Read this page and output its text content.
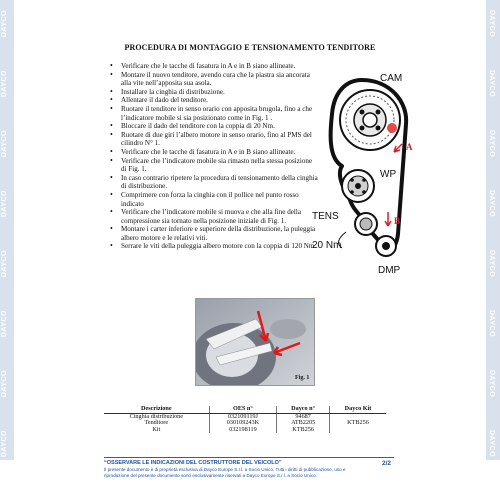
DAYCO
DAYCO
DAYCO
DAYCO
DAYCO
DAYCO
DAYCO
DAYCO
DAYCO
DAYCO
DAYCO
DAYCO
DAYCO
DAYCO
DAYCO
DAYCO
PROCEDURA DI MONTAGGIO E TENSIONAMENTO TENDITORE
• Verificare che le tacche di fasatura in A e in B siano allineate.
• Montare il nuovo tenditore, avendo cura che la piastra sia ancorata alla vite nell’apposita sua asola.
• Installare la cinghia di distribuzione.
• Allentare il dado del tenditore.
• Ruotare il tenditore in senso orario con apposita brugola, fino a che l’indicatore mobile si sia posizionato come in Fig. 1 .
• Bloccare il dado del tenditore con la coppia di 20 Nm.
• Ruotare di due giri l’albero motore in senso orario, fino al PMS del cilindro N° 1.
• Verificare che le tacche di fasatura in A e in B siano allineate.
• Verificare che l’indicatore mobile sia rimasto nella stessa posizione di Fig. 1.
• In caso contrario ripetere la procedura di tensionamento della cinghia di distribuzione.
• Comprimere con forza la cinghia con il pollice nel punto rosso indicato
• Verificare che l’indicatore mobile si muova e che alla fine della compressione sia tornato nella posizione iniziale di Fig. 1.
• Montare i carter inferiore e superiore della distribuzione, la puleggia albero motore e le relativi viti.
• Serrare le viti della puleggia albero motore con la coppia di 120 Nm.
CAM
WP
TENS
20 Nm
DMP
A
B
Fig. 1
Descrizione	OES n°	Dayco n°	Dayco Kit
Cinghia distribuzione	032109119J	94687	KTB256
Tenditore	030109243K	ATB2205	
Kit	032198119	KTB256	
“OSSERVARE LE INDICAZIONI DEL COSTRUTTORE DEL VEICOLO”
Il presente documento è di proprietà esclusiva di Dayco Europe S.r.l. a Socio Unico. Tutti i diritti di pubblicazione, uso e riproduzione del presente documento sono esclusivamente riservati a Dayco Europe S.r.l. a Socio Unico.
2/2
